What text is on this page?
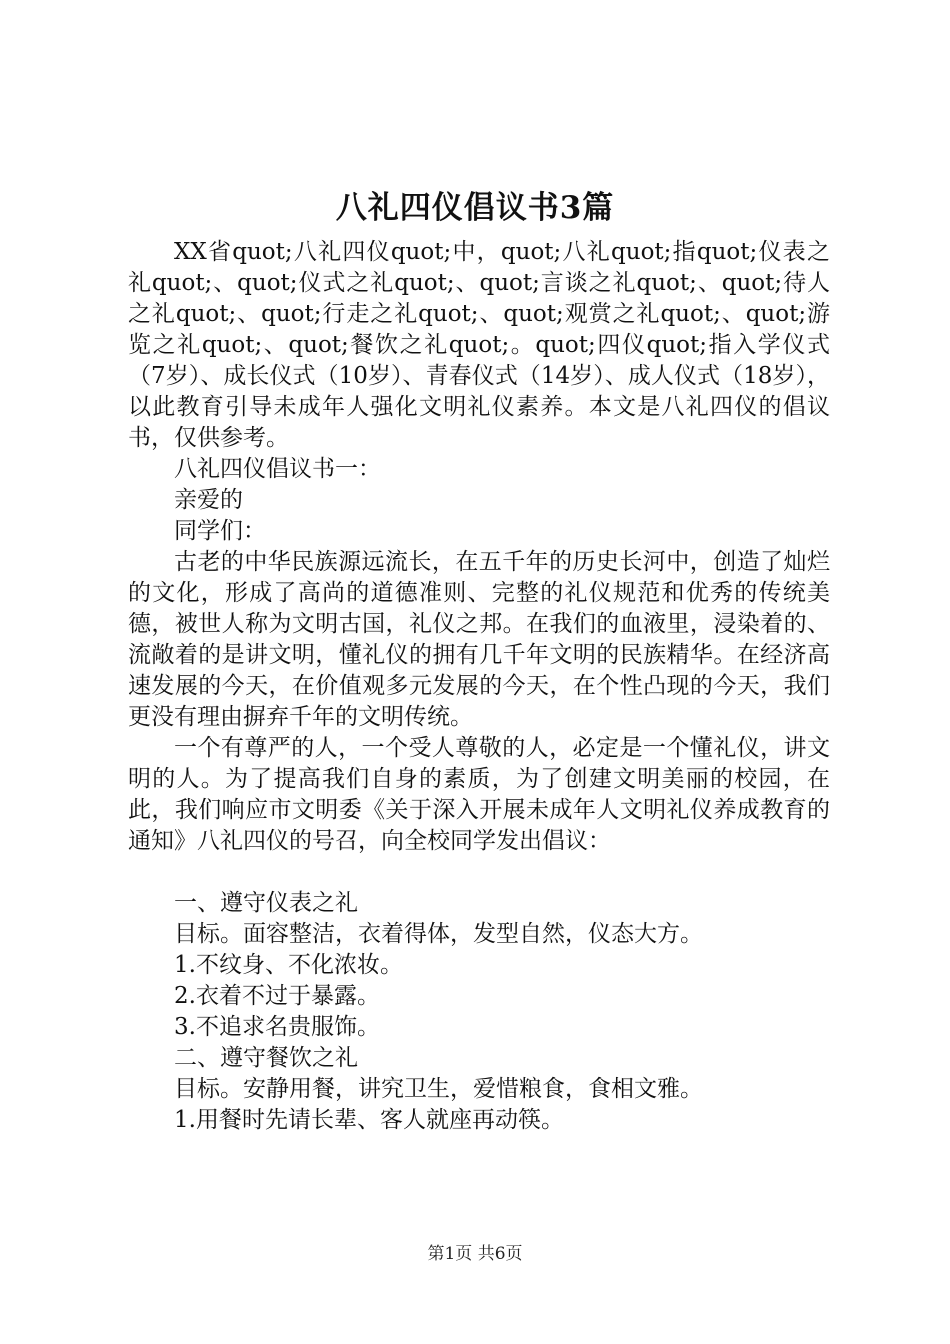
八礼四仪倡议书3篇

XX省quot;八礼四仪quot;中，quot;八礼quot;指quot;仪表之礼quot;、quot;仪式之礼quot;、quot;言谈之礼quot;、quot;待人之礼quot;、quot;行走之礼quot;、quot;观赏之礼quot;、quot;游览之礼quot;、quot;餐饮之礼quot;。quot;四仪quot;指入学仪式（7岁）、成长仪式（10岁）、青春仪式（14岁）、成人仪式（18岁），以此教育引导未成年人强化文明礼仪素养。本文是八礼四仪的倡议书，仅供参考。

八礼四仪倡议书一：

亲爱的

同学们：

古老的中华民族源远流长，在五千年的历史长河中，创造了灿烂的文化，形成了高尚的道德准则、完整的礼仪规范和优秀的传统美德，被世人称为文明古国，礼仪之邦。在我们的血液里，浸染着的、流敞着的是讲文明，懂礼仪的拥有几千年文明的民族精华。在经济高速发展的今天，在价值观多元发展的今天，在个性凸现的今天，我们更没有理由摒弃千年的文明传统。

一个有尊严的人，一个受人尊敬的人，必定是一个懂礼仪，讲文明的人。为了提高我们自身的素质，为了创建文明美丽的校园，在此，我们响应市文明委《关于深入开展未成年人文明礼仪养成教育的通知》八礼四仪的号召，向全校同学发出倡议：

一、遵守仪表之礼

目标。面容整洁，衣着得体，发型自然，仪态大方。

1.不纹身、不化浓妆。

2.衣着不过于暴露。

3.不追求名贵服饰。

二、遵守餐饮之礼

目标。安静用餐，讲究卫生，爱惜粮食，食相文雅。

1.用餐时先请长辈、客人就座再动筷。

第1页 共6页
